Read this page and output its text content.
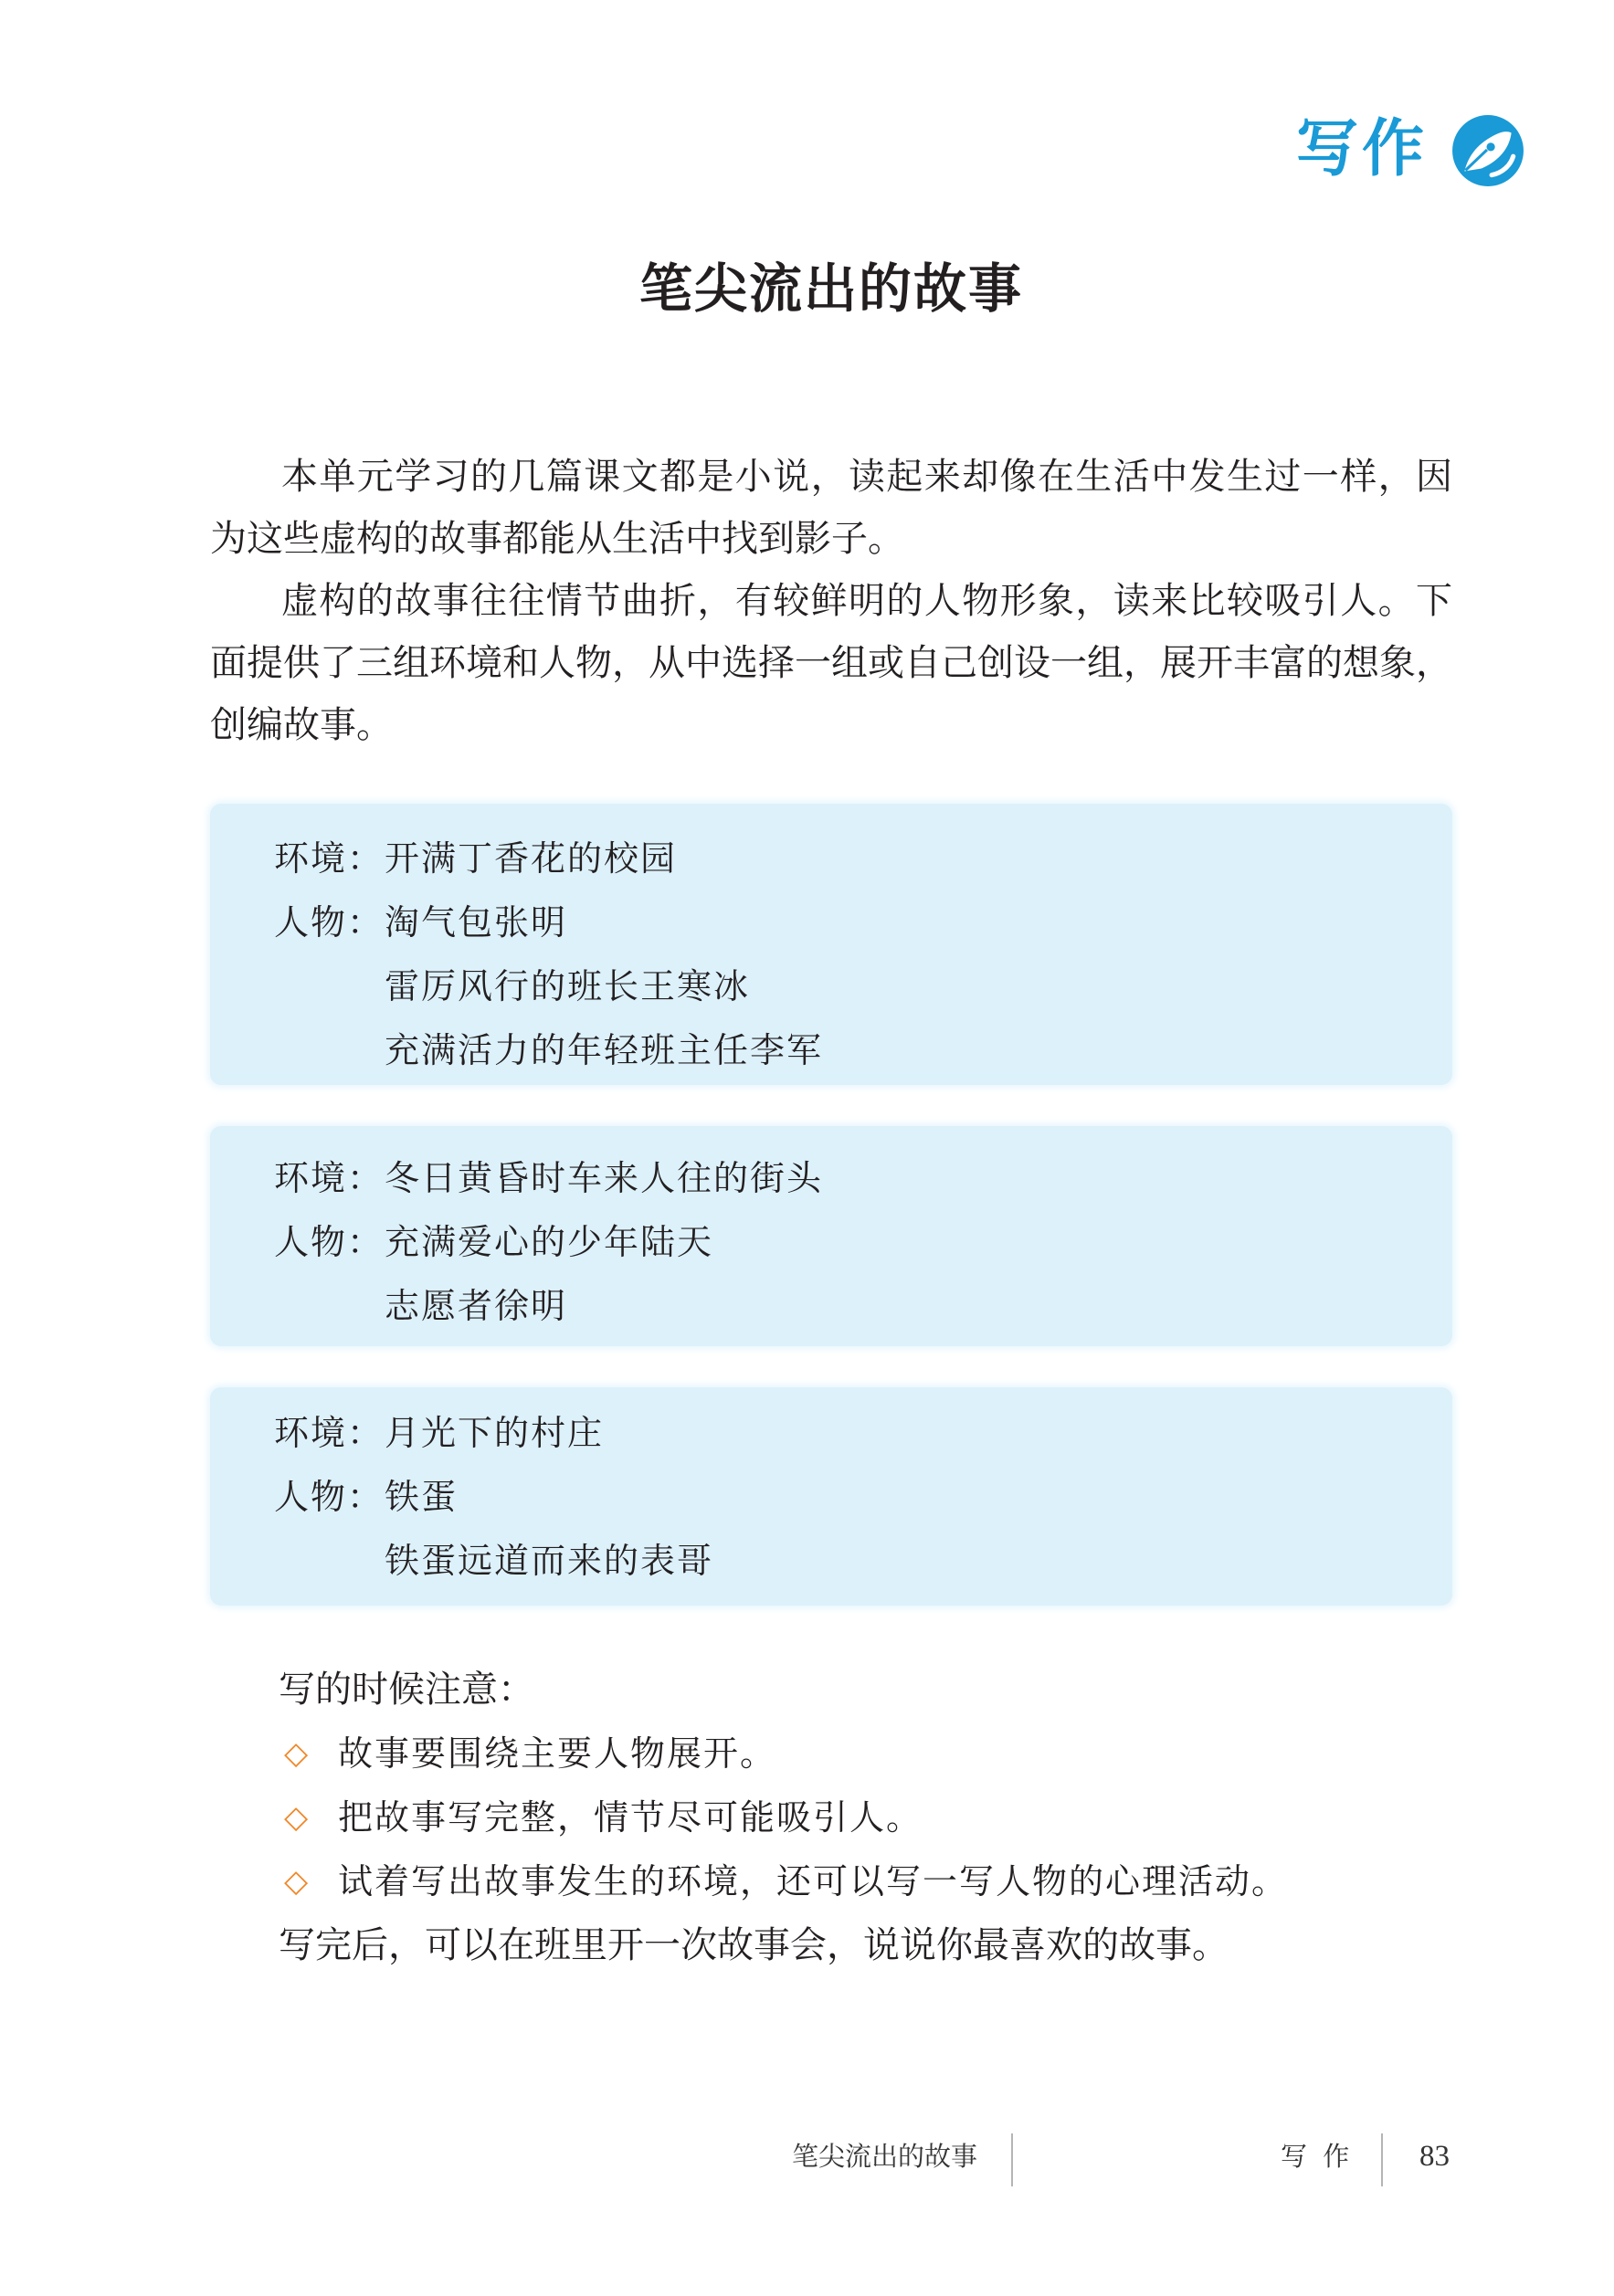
写作
笔尖流出的故事
本单元学习的几篇课文都是小说，读起来却像在生活中发生过一样，因
为这些虚构的故事都能从生活中找到影子。
虚构的故事往往情节曲折，有较鲜明的人物形象，读来比较吸引人。下
面提供了三组环境和人物，从中选择一组或自己创设一组，展开丰富的想象，
创编故事。
环境： 开满丁香花的校园
人物： 淘气包张明
雷厉风行的班长王寒冰
充满活力的年轻班主任李军
环境： 冬日黄昏时车来人往的街头
人物： 充满爱心的少年陆天
志愿者徐明
环境： 月光下的村庄
人物： 铁蛋
铁蛋远道而来的表哥
写的时候注意：
◇ 故事要围绕主要人物展开。
◇ 把故事写完整，情节尽可能吸引人。
◇ 试着写出故事发生的环境，还可以写一写人物的心理活动。
写完后，可以在班里开一次故事会，说说你最喜欢的故事。
笔尖流出的故事	写 作 83
